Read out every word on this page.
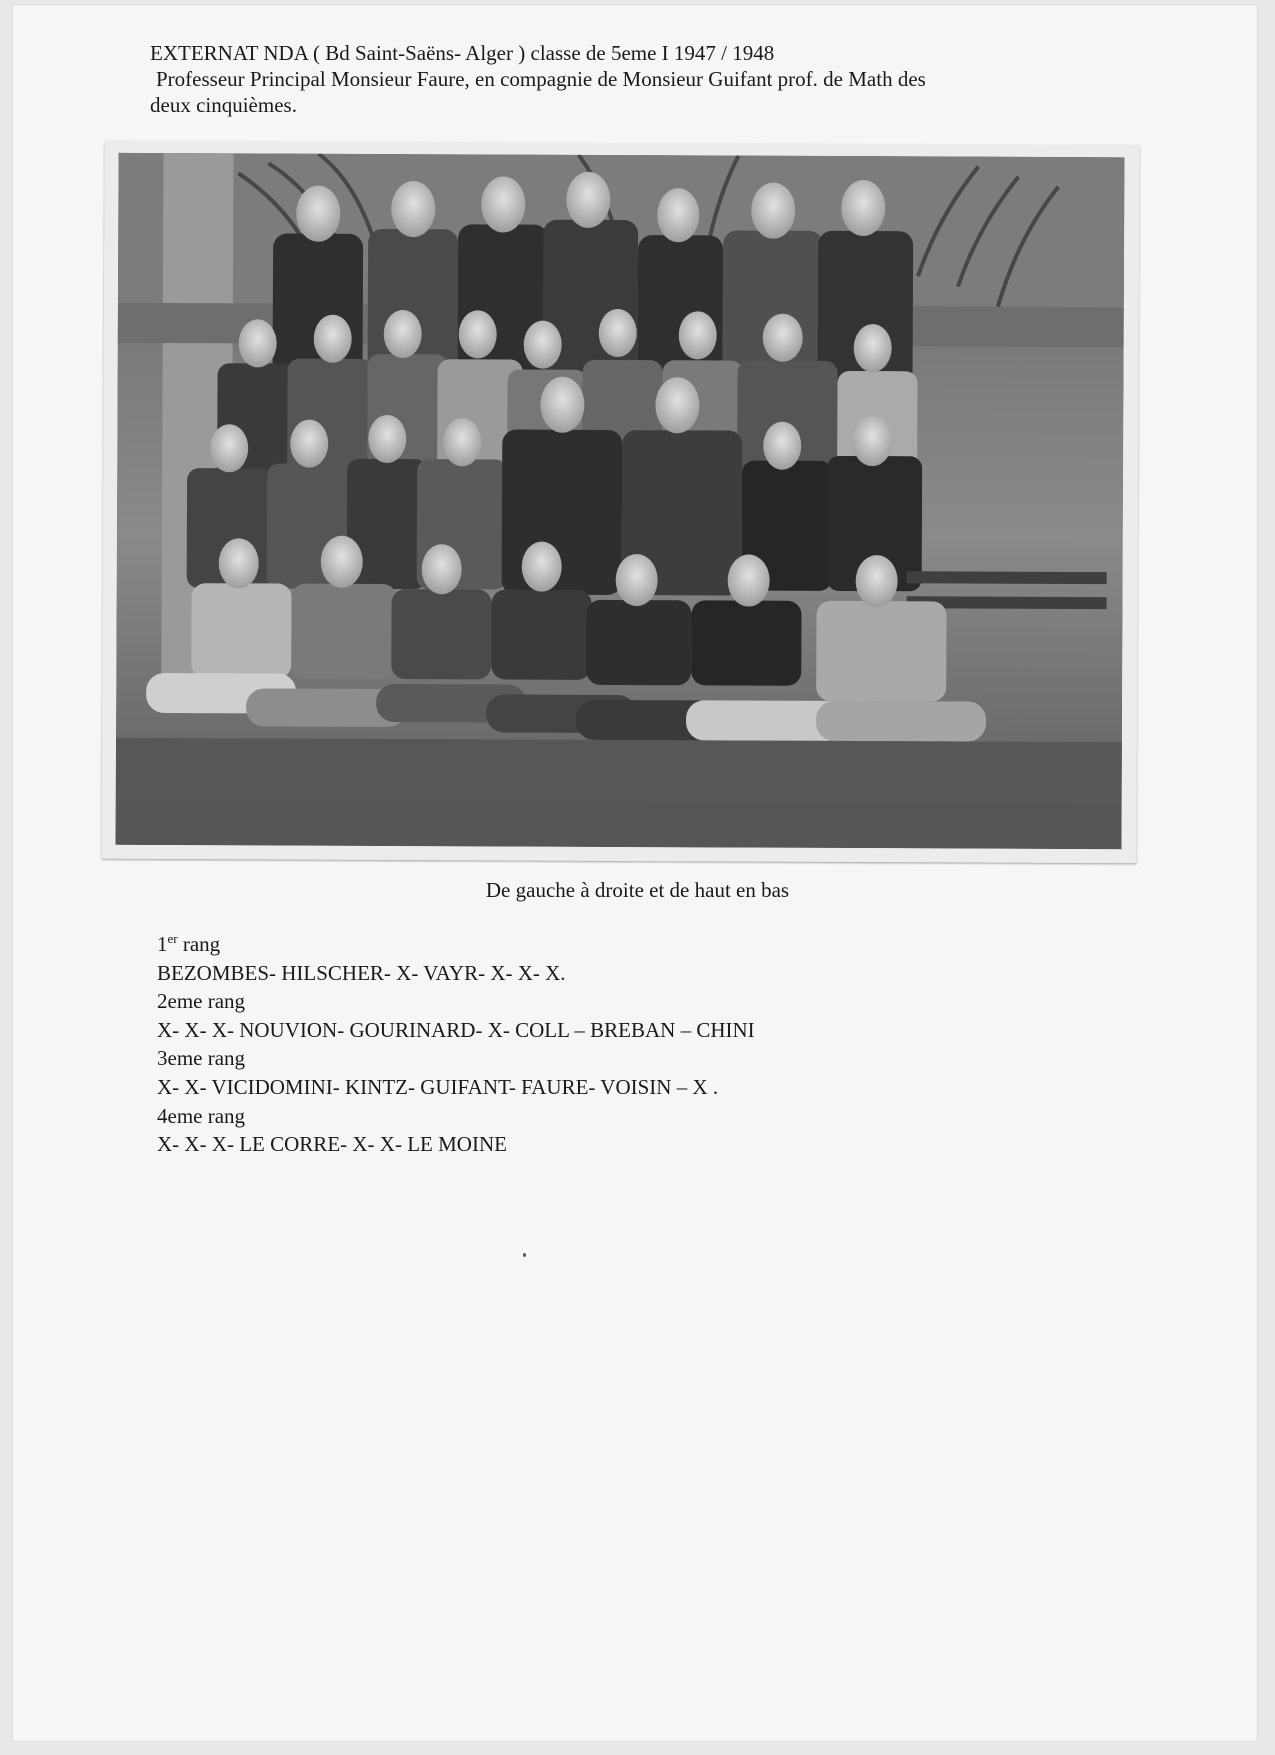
EXTERNAT NDA ( Bd Saint-Saëns- Alger ) classe de 5eme I 1947 / 1948
Professeur Principal Monsieur Faure, en compagnie de Monsieur Guifant prof. de Math des
deux cinquièmes.
De gauche à droite et de haut en bas
1er rang
BEZOMBES- HILSCHER- X- VAYR- X- X- X.
2eme rang
X- X- X- NOUVION- GOURINARD- X- COLL – BREBAN – CHINI
3eme rang
X- X- VICIDOMINI- KINTZ- GUIFANT- FAURE- VOISIN – X .
4eme rang
X- X- X- LE CORRE- X- X- LE MOINE
